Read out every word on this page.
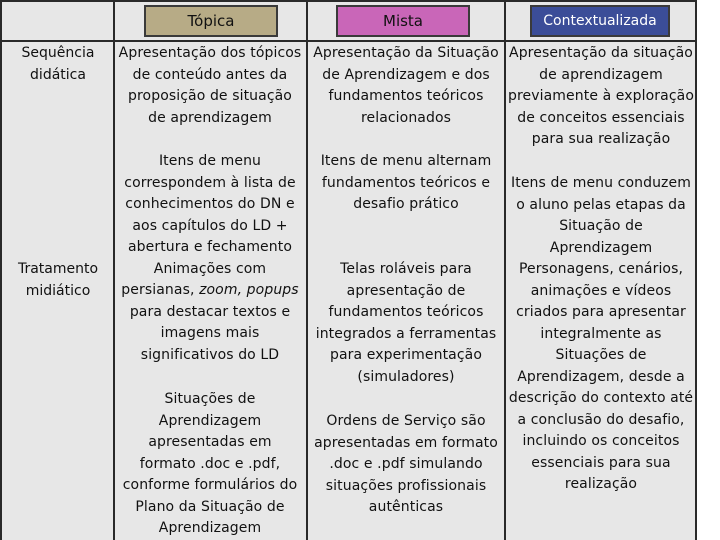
Tópica	Mista	Contextualizada
Sequência
didática
Tratamento
midiático
Apresentação dos tópicos
de conteúdo antes da
proposição de situação
de aprendizagem
Itens de menu
correspondem à lista de
conhecimentos do DN e
aos capítulos do LD +
abertura e fechamento
Animações com
persianas, zoom, popups
para destacar textos e
imagens mais
significativos do LD
Situações de
Aprendizagem
apresentadas em
formato .doc e .pdf,
conforme formulários do
Plano da Situação de
Aprendizagem
Apresentação da Situação
de Aprendizagem e dos
fundamentos teóricos
relacionados
Itens de menu alternam
fundamentos teóricos e
desafio prático
Telas roláveis para
apresentação de
fundamentos teóricos
integrados a ferramentas
para experimentação
(simuladores)
Ordens de Serviço são
apresentadas em formato
.doc e .pdf simulando
situações profissionais
autênticas
Apresentação da situação
de aprendizagem
previamente à exploração
de conceitos essenciais
para sua realização
Itens de menu conduzem
o aluno pelas etapas da
Situação de
Aprendizagem
Personagens, cenários,
animações e vídeos
criados para apresentar
integralmente as
Situações de
Aprendizagem, desde a
descrição do contexto até
a conclusão do desafio,
incluindo os conceitos
essenciais para sua
realização
